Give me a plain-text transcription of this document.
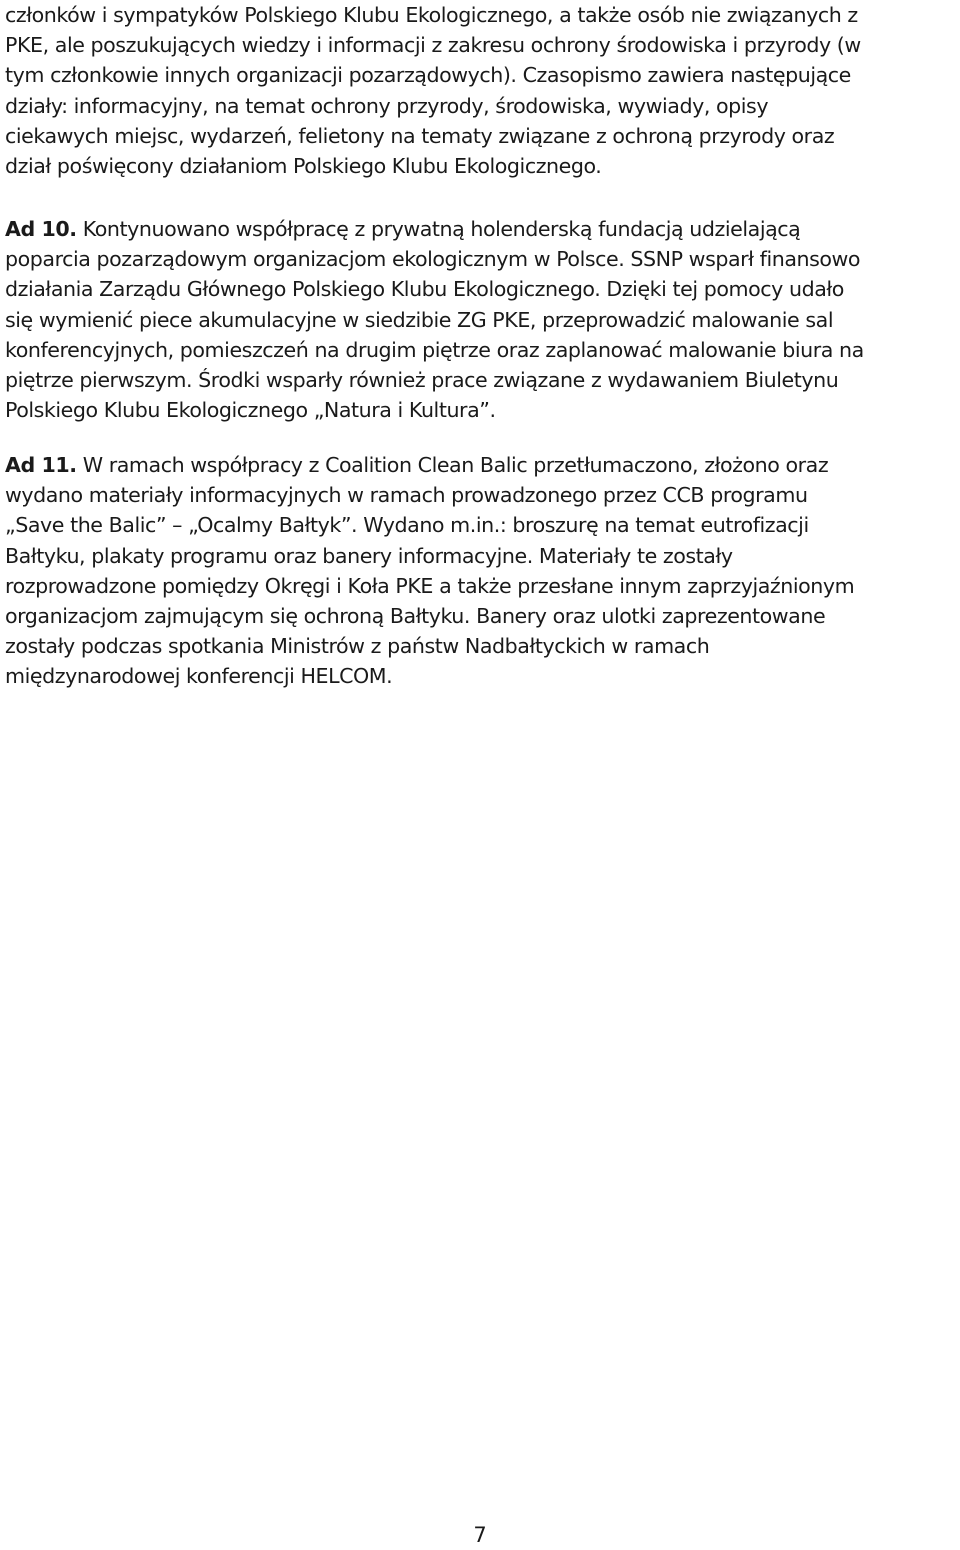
członków i sympatyków Polskiego Klubu Ekologicznego, a także osób nie związanych z
PKE, ale poszukujących wiedzy i informacji z zakresu ochrony środowiska i przyrody (w
tym członkowie innych organizacji pozarządowych). Czasopismo zawiera następujące
działy: informacyjny, na temat ochrony przyrody, środowiska, wywiady, opisy
ciekawych miejsc, wydarzeń, felietony na tematy związane z ochroną przyrody oraz
dział poświęcony działaniom Polskiego Klubu Ekologicznego.

Ad 10. Kontynuowano współpracę z prywatną holenderską fundacją udzielającą
poparcia pozarządowym organizacjom ekologicznym w Polsce. SSNP wsparł finansowo
działania Zarządu Głównego Polskiego Klubu Ekologicznego. Dzięki tej pomocy udało
się wymienić piece akumulacyjne w siedzibie ZG PKE, przeprowadzić malowanie sal
konferencyjnych, pomieszczeń na drugim piętrze oraz zaplanować malowanie biura na
piętrze pierwszym. Środki wsparły również prace związane z wydawaniem Biuletynu
Polskiego Klubu Ekologicznego „Natura i Kultura”.

Ad 11. W ramach współpracy z Coalition Clean Balic przetłumaczono, złożono oraz
wydano materiały informacyjnych w ramach prowadzonego przez CCB programu
„Save the Balic” – „Ocalmy Bałtyk”. Wydano m.in.: broszurę na temat eutrofizacji
Bałtyku, plakaty programu oraz banery informacyjne. Materiały te zostały
rozprowadzone pomiędzy Okręgi i Koła PKE a także przesłane innym zaprzyjaźnionym
organizacjom zajmującym się ochroną Bałtyku. Banery oraz ulotki zaprezentowane
zostały podczas spotkania Ministrów z państw Nadbałtyckich w ramach
międzynarodowej konferencji HELCOM.

7
